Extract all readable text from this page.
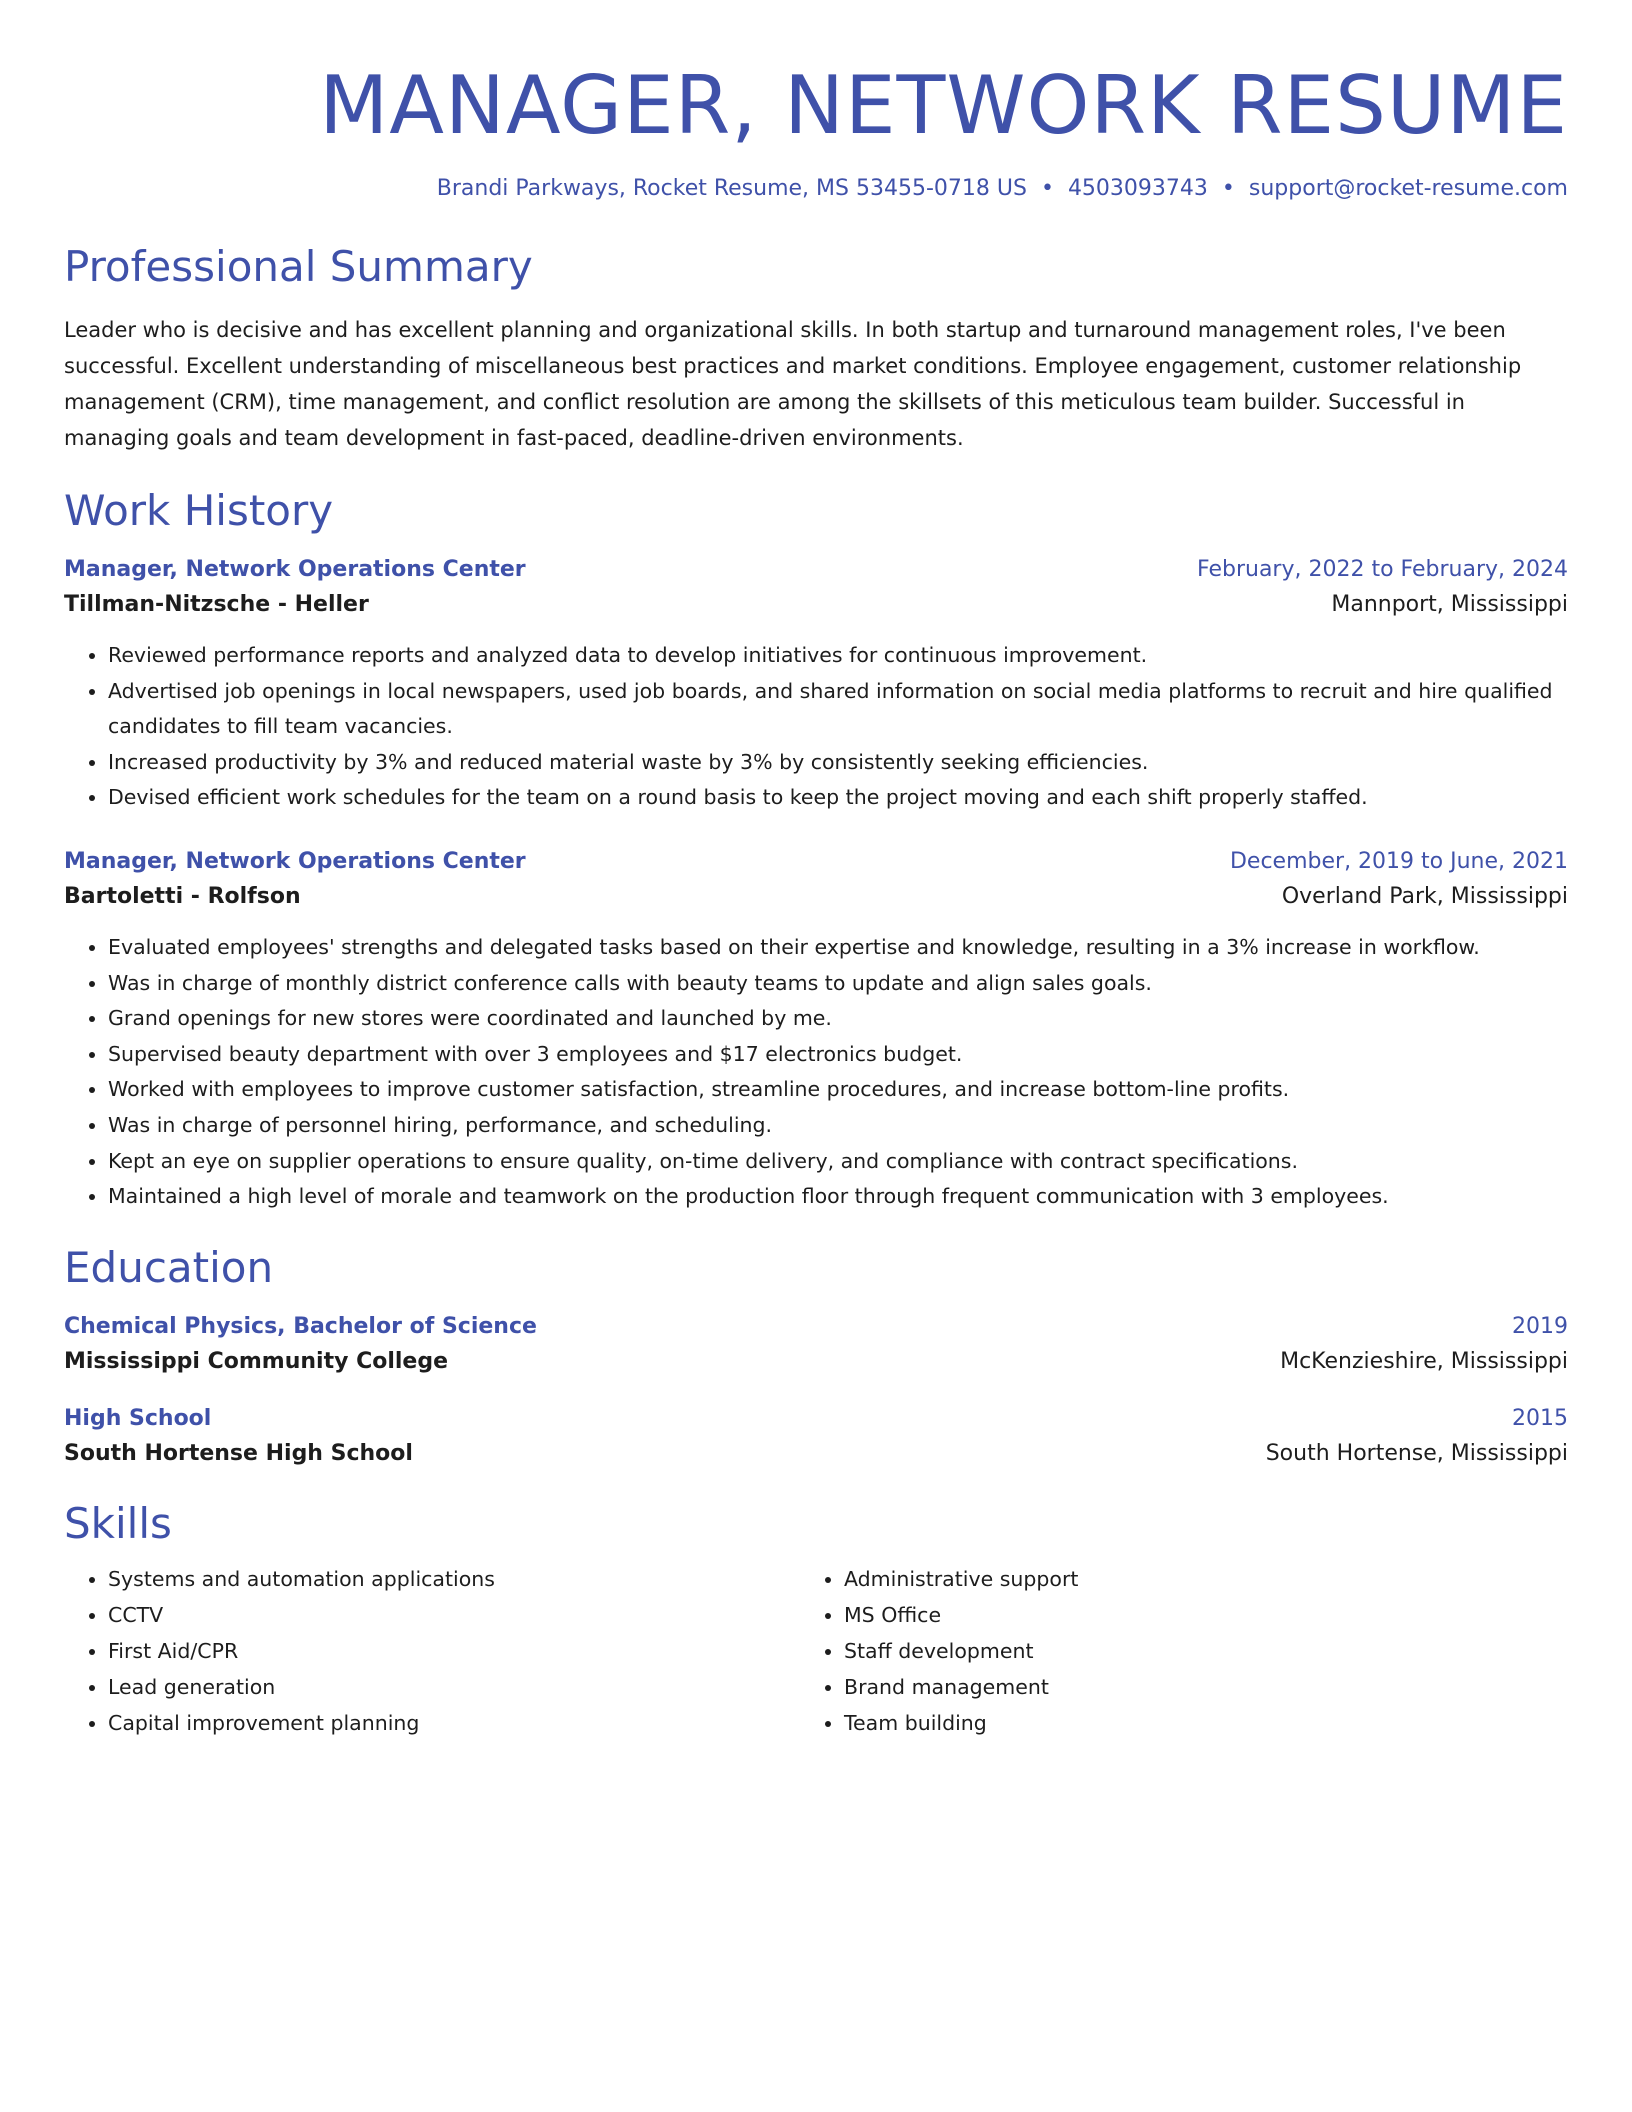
MANAGER, NETWORK RESUME
Brandi Parkways, Rocket Resume, MS 53455-0718 US • 4503093743 • support@rocket-resume.com
Professional Summary
Leader who is decisive and has excellent planning and organizational skills. In both startup and turnaround management roles, I've been successful. Excellent understanding of miscellaneous best practices and market conditions. Employee engagement, customer relationship management (CRM), time management, and conflict resolution are among the skillsets of this meticulous team builder. Successful in managing goals and team development in fast-paced, deadline-driven environments.
Work History
Manager, Network Operations Center	February, 2022 to February, 2024
Tillman-Nitzsche - Heller	Mannport, Mississippi
• Reviewed performance reports and analyzed data to develop initiatives for continuous improvement.
• Advertised job openings in local newspapers, used job boards, and shared information on social media platforms to recruit and hire qualified candidates to fill team vacancies.
• Increased productivity by 3% and reduced material waste by 3% by consistently seeking efficiencies.
• Devised efficient work schedules for the team on a round basis to keep the project moving and each shift properly staffed.
Manager, Network Operations Center	December, 2019 to June, 2021
Bartoletti - Rolfson	Overland Park, Mississippi
• Evaluated employees' strengths and delegated tasks based on their expertise and knowledge, resulting in a 3% increase in workflow.
• Was in charge of monthly district conference calls with beauty teams to update and align sales goals.
• Grand openings for new stores were coordinated and launched by me.
• Supervised beauty department with over 3 employees and $17 electronics budget.
• Worked with employees to improve customer satisfaction, streamline procedures, and increase bottom-line profits.
• Was in charge of personnel hiring, performance, and scheduling.
• Kept an eye on supplier operations to ensure quality, on-time delivery, and compliance with contract specifications.
• Maintained a high level of morale and teamwork on the production floor through frequent communication with 3 employees.
Education
Chemical Physics, Bachelor of Science	2019
Mississippi Community College	McKenzieshire, Mississippi
High School	2015
South Hortense High School	South Hortense, Mississippi
Skills
• Systems and automation applications
• CCTV
• First Aid/CPR
• Lead generation
• Capital improvement planning
• Administrative support
• MS Office
• Staff development
• Brand management
• Team building
